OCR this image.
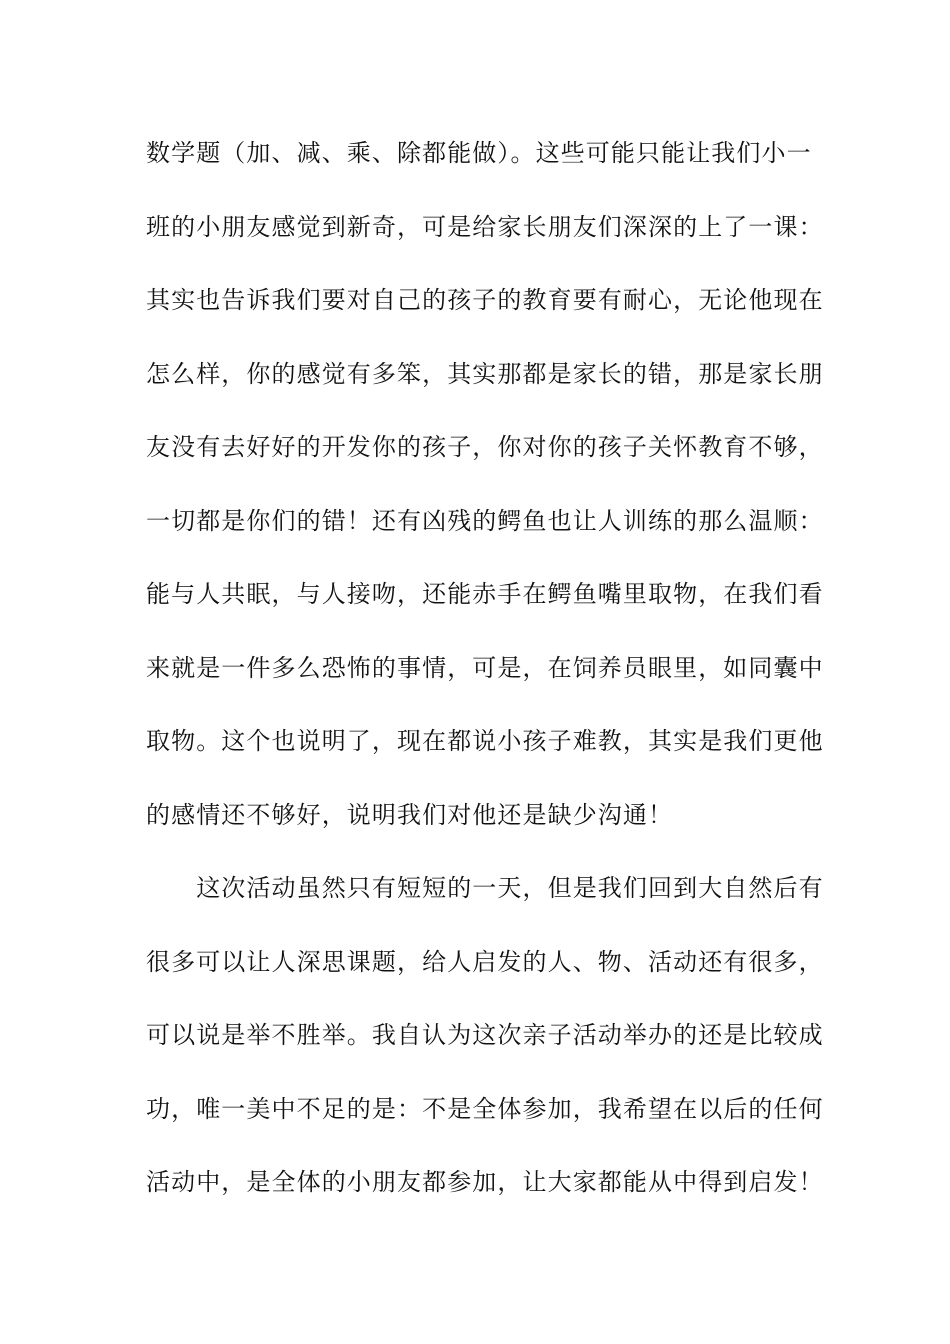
数学题（加、减、乘、除都能做）。这些可能只能让我们小一
班的小朋友感觉到新奇，可是给家长朋友们深深的上了一课：
其实也告诉我们要对自己的孩子的教育要有耐心，无论他现在
怎么样，你的感觉有多笨，其实那都是家长的错，那是家长朋
友没有去好好的开发你的孩子，你对你的孩子关怀教育不够，
一切都是你们的错！还有凶残的鳄鱼也让人训练的那么温顺：
能与人共眠，与人接吻，还能赤手在鳄鱼嘴里取物，在我们看
来就是一件多么恐怖的事情，可是，在饲养员眼里，如同囊中
取物。这个也说明了，现在都说小孩子难教，其实是我们更他
的感情还不够好，说明我们对他还是缺少沟通！
　　这次活动虽然只有短短的一天，但是我们回到大自然后有
很多可以让人深思课题，给人启发的人、物、活动还有很多，
可以说是举不胜举。我自认为这次亲子活动举办的还是比较成
功，唯一美中不足的是：不是全体参加，我希望在以后的任何
活动中，是全体的小朋友都参加，让大家都能从中得到启发！
